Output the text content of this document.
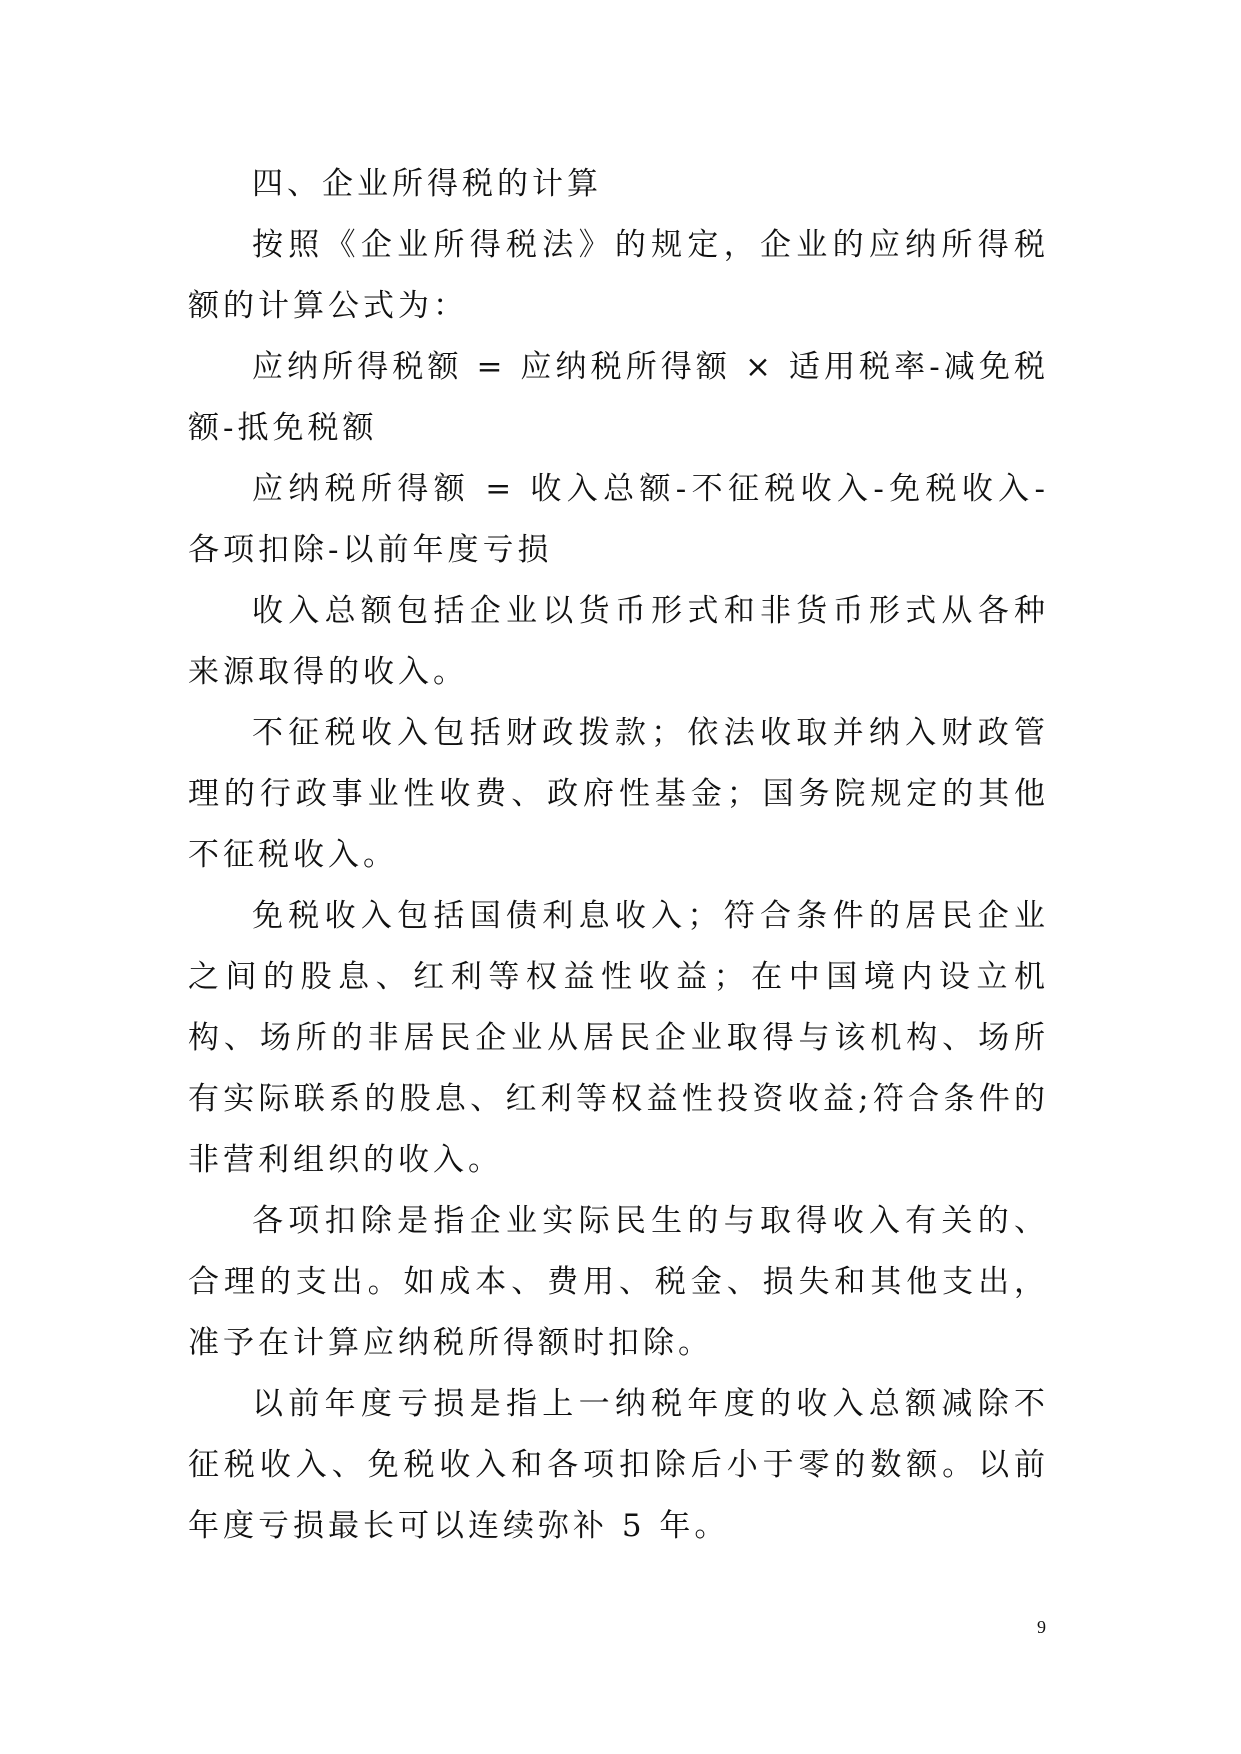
四、企业所得税的计算

按照《企业所得税法》的规定，企业的应纳所得税额的计算公式为：

应纳所得税额 = 应纳税所得额 × 适用税率-减免税额-抵免税额

应纳税所得额 = 收入总额-不征税收入-免税收入-各项扣除-以前年度亏损

收入总额包括企业以货币形式和非货币形式从各种来源取得的收入。

不征税收入包括财政拨款；依法收取并纳入财政管理的行政事业性收费、政府性基金；国务院规定的其他不征税收入。

免税收入包括国债利息收入；符合条件的居民企业之间的股息、红利等权益性收益；在中国境内设立机构、场所的非居民企业从居民企业取得与该机构、场所有实际联系的股息、红利等权益性投资收益;符合条件的非营利组织的收入。

各项扣除是指企业实际民生的与取得收入有关的、合理的支出。如成本、费用、税金、损失和其他支出，准予在计算应纳税所得额时扣除。

以前年度亏损是指上一纳税年度的收入总额减除不征税收入、免税收入和各项扣除后小于零的数额。以前年度亏损最长可以连续弥补 5 年。

9
